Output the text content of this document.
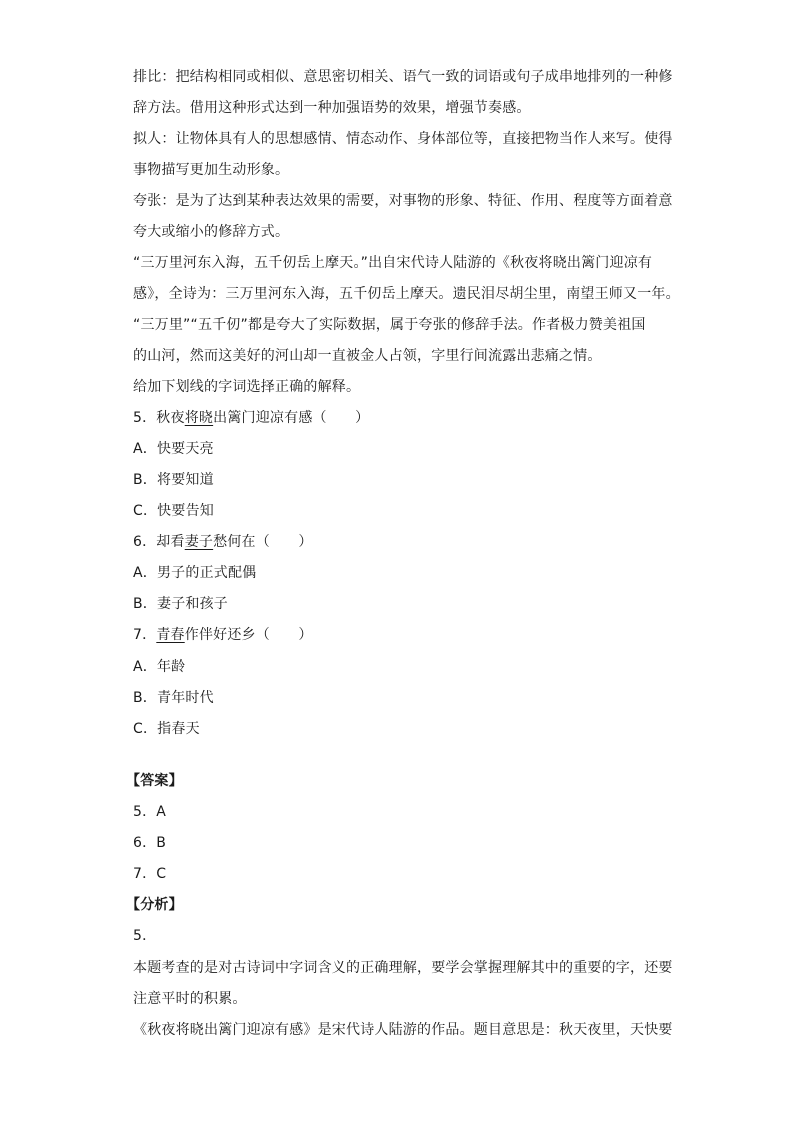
排比：把结构相同或相似、意思密切相关、语气一致的词语或句子成串地排列的一种修
辞方法。借用这种形式达到一种加强语势的效果，增强节奏感。
拟人：让物体具有人的思想感情、情态动作、身体部位等，直接把物当作人来写。使得
事物描写更加生动形象。
夸张：是为了达到某种表达效果的需要，对事物的形象、特征、作用、程度等方面着意
夸大或缩小的修辞方式。
“三万里河东入海，五千仞岳上摩天。”出自宋代诗人陆游的《秋夜将晓出篱门迎凉有
感》，全诗为：三万里河东入海，五千仞岳上摩天。遗民泪尽胡尘里，南望王师又一年。
“三万里”“五千仞”都是夸大了实际数据，属于夸张的修辞手法。作者极力赞美祖国
的山河，然而这美好的河山却一直被金人占领，字里行间流露出悲痛之情。
给加下划线的字词选择正确的解释。
5．秋夜将晓出篱门迎凉有感（　　）
A．快要天亮
B．将要知道
C．快要告知
6．却看妻子愁何在（　　）
A．男子的正式配偶
B．妻子和孩子
7．青春作伴好还乡（　　）
A．年龄
B．青年时代
C．指春天
【答案】
5．A
6．B
7．C
【分析】
5．
本题考查的是对古诗词中字词含义的正确理解，要学会掌握理解其中的重要的字，还要
注意平时的积累。
《秋夜将晓出篱门迎凉有感》是宋代诗人陆游的作品。题目意思是：秋天夜里，天快要
